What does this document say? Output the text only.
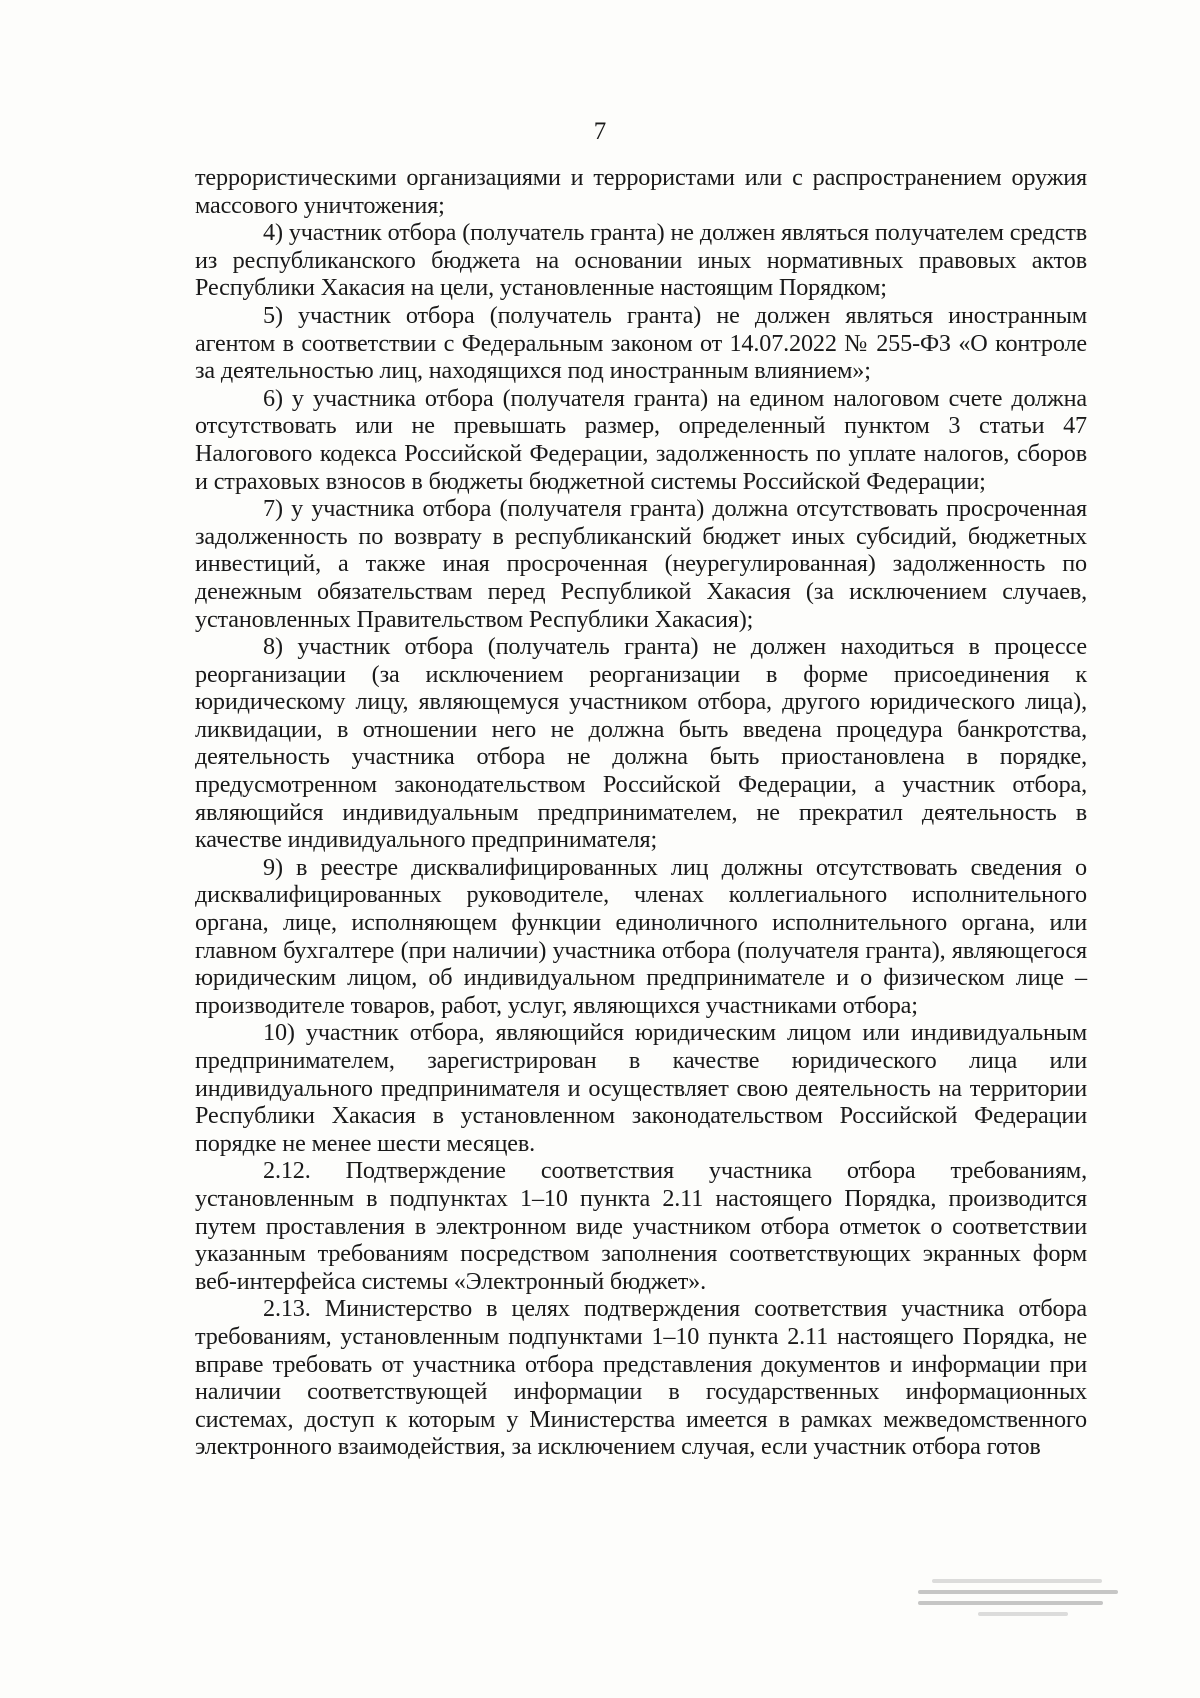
7

террористическими организациями и террористами или с распространением оружия массового уничтожения;

4) участник отбора (получатель гранта) не должен являться получателем средств из республиканского бюджета на основании иных нормативных правовых актов Республики Хакасия на цели, установленные настоящим Порядком;

5) участник отбора (получатель гранта) не должен являться иностранным агентом в соответствии с Федеральным законом от 14.07.2022 № 255-ФЗ «О контроле за деятельностью лиц, находящихся под иностранным влиянием»;

6) у участника отбора (получателя гранта) на едином налоговом счете должна отсутствовать или не превышать размер, определенный пунктом 3 статьи 47 Налогового кодекса Российской Федерации, задолженность по уплате налогов, сборов и страховых взносов в бюджеты бюджетной системы Российской Федерации;

7) у участника отбора (получателя гранта) должна отсутствовать просроченная задолженность по возврату в республиканский бюджет иных субсидий, бюджетных инвестиций, а также иная просроченная (неурегулированная) задолженность по денежным обязательствам перед Республикой Хакасия (за исключением случаев, установленных Правительством Республики Хакасия);

8) участник отбора (получатель гранта) не должен находиться в процессе реорганизации (за исключением реорганизации в форме присоединения к юридическому лицу, являющемуся участником отбора, другого юридического лица), ликвидации, в отношении него не должна быть введена процедура банкротства, деятельность участника отбора не должна быть приостановлена в порядке, предусмотренном законодательством Российской Федерации, а участник отбора, являющийся индивидуальным предпринимателем, не прекратил деятельность в качестве индивидуального предпринимателя;

9) в реестре дисквалифицированных лиц должны отсутствовать сведения о дисквалифицированных руководителе, членах коллегиального исполнительного органа, лице, исполняющем функции единоличного исполнительного органа, или главном бухгалтере (при наличии) участника отбора (получателя гранта), являющегося юридическим лицом, об индивидуальном предпринимателе и о физическом лице – производителе товаров, работ, услуг, являющихся участниками отбора;

10) участник отбора, являющийся юридическим лицом или индивидуальным предпринимателем, зарегистрирован в качестве юридического лица или индивидуального предпринимателя и осуществляет свою деятельность на территории Республики Хакасия в установленном законодательством Российской Федерации порядке не менее шести месяцев.

2.12. Подтверждение соответствия участника отбора требованиям, установленным в подпунктах 1–10 пункта 2.11 настоящего Порядка, производится путем проставления в электронном виде участником отбора отметок о соответствии указанным требованиям посредством заполнения соответствующих экранных форм веб-интерфейса системы «Электронный бюджет».

2.13. Министерство в целях подтверждения соответствия участника отбора требованиям, установленным подпунктами 1–10 пункта 2.11 настоящего Порядка, не вправе требовать от участника отбора представления документов и информации при наличии соответствующей информации в государственных информационных системах, доступ к которым у Министерства имеется в рамках межведомственного электронного взаимодействия, за исключением случая, если участник отбора готов
